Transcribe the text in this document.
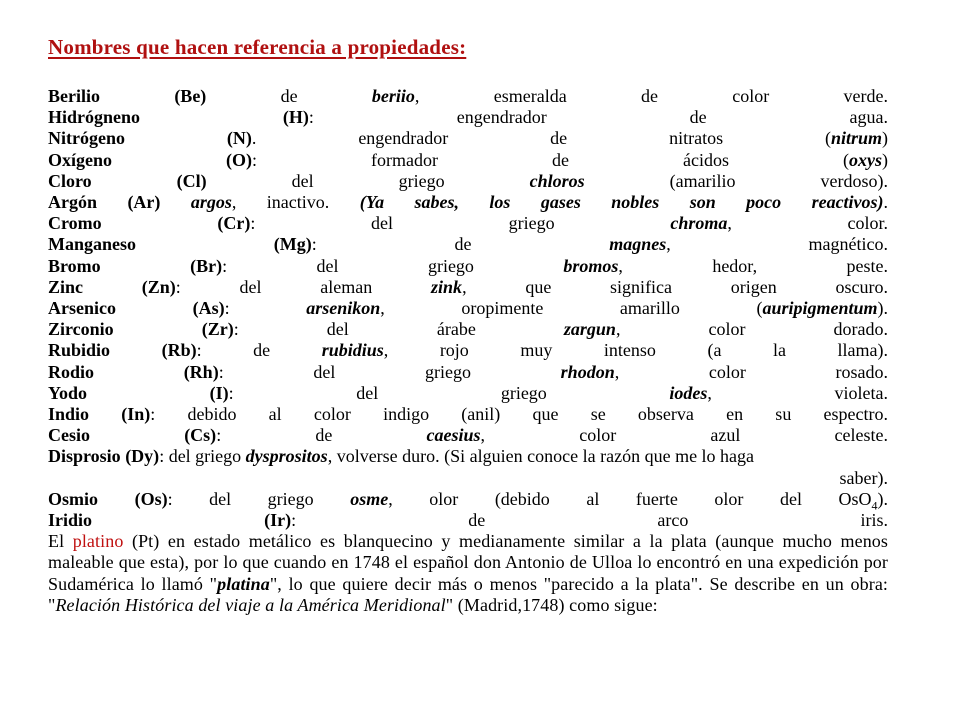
Nombres que hacen referencia a propiedades:
Berilio	(Be)	de	beriio, esmeralda de color verde.
Hidrógneno	(H): engendrador de agua.
Nitrógeno	(N). engendrador de nitratos (nitrum)
Oxígeno	(O): formador de ácidos (oxys)
Cloro	(Cl)	del griego	chloros (amarilio verdoso).
Argón (Ar) argos, inactivo. (Ya sabes, los gases nobles son poco reactivos).
Cromo	(Cr): del griego	chroma, color.
Manganeso	(Mg): de	magnes, magnético.
Bromo	(Br): del griego	bromos, hedor, peste.
Zinc	(Zn): del aleman	zink, que significa origen oscuro.
Arsenico	(As):	arsenikon, oropimente amarillo (auripigmentum).
Zirconio	(Zr): del árabe	zargun, color dorado.
Rubidio	(Rb): de	rubidius, rojo muy intenso (a la llama).
Rodio	(Rh): del griego	rhodon, color rosado.
Yodo	(I): del griego	iodes, violeta.
Indio (In): debido al color indigo (anil) que se observa en su espectro.
Cesio	(Cs): de	caesius, color azul celeste.
Disprosio (Dy): del griego dysprositos, volverse duro. (Si alguien conoce la razón que me lo haga
saber).
Osmio (Os): del griego osme, olor (debido al fuerte olor del OsO$_4$).
Iridio	(Ir): de arco iris.
El platino (Pt) en estado metálico es blanquecino y medianamente similar a la plata (aunque mucho menos maleable que esta), por lo que cuando en 1748 el español don Antonio de Ulloa lo encontró en una expedición por Sudamérica lo llamó "platina", lo que quiere decir más o menos "parecido a la plata". Se describe en un obra: "Relación Histórica del viaje a la América Meridional" (Madrid,1748) como sigue:
